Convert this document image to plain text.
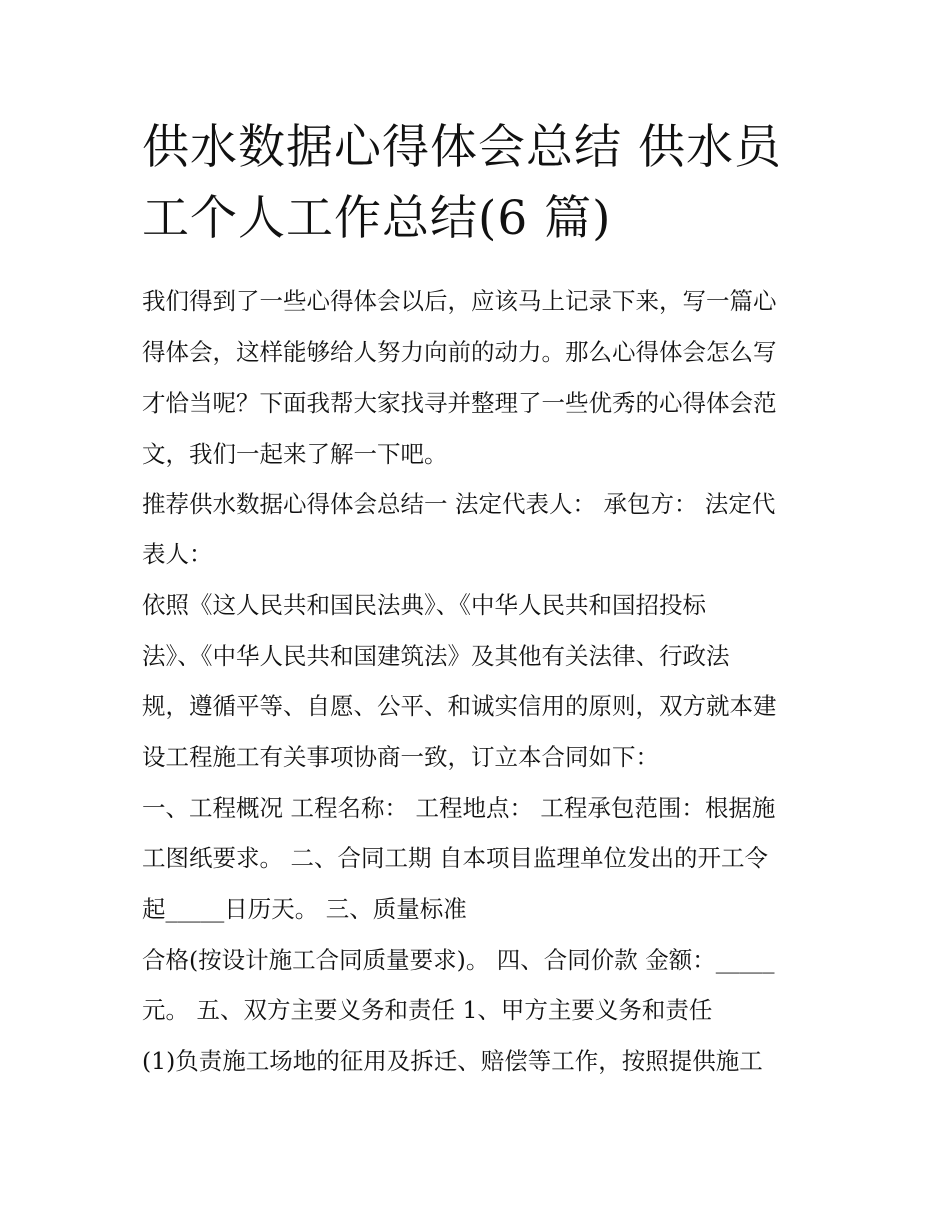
供水数据心得体会总结 供水员
工个人工作总结(6 篇)

我们得到了一些心得体会以后，应该马上记录下来，写一篇心

得体会，这样能够给人努力向前的动力。那么心得体会怎么写

才恰当呢？下面我帮大家找寻并整理了一些优秀的心得体会范

文，我们一起来了解一下吧。

推荐供水数据心得体会总结一 法定代表人： 承包方： 法定代

表人：

依照《这人民共和国民法典》、《中华人民共和国招投标

法》、《中华人民共和国建筑法》及其他有关法律、行政法

规，遵循平等、自愿、公平、和诚实信用的原则，双方就本建

设工程施工有关事项协商一致，订立本合同如下：

一、工程概况 工程名称： 工程地点： 工程承包范围：根据施

工图纸要求。 二、合同工期 自本项目监理单位发出的开工令

起_____日历天。 三、质量标准

合格(按设计施工合同质量要求)。 四、合同价款 金额：_____

元。 五、双方主要义务和责任 1、甲方主要义务和责任

(1)负责施工场地的征用及拆迁、赔偿等工作，按照提供施工
